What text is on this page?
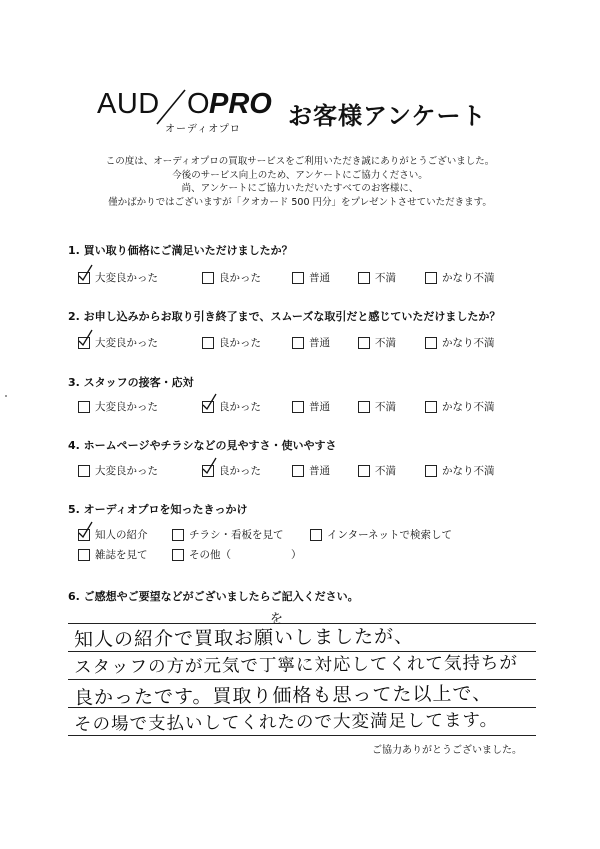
AUD O PRO
オーディオプロ お客様アンケート
この度は、オーディオプロの買取サービスをご利用いただき誠にありがとうございました。
今後のサービス向上のため、アンケートにご協力ください。
尚、アンケートにご協力いただいたすべてのお客様に、
僅かばかりではございますが「クオカード 500 円分」をプレゼントさせていただきます。
1. 買い取り価格にご満足いただけましたか？
大変良かった	良かった	普通	不満	かなり不満
2. お申し込みからお取り引き終了まで、スムーズな取引だと感じていただけましたか？
大変良かった	良かった	普通	不満	かなり不満
3. スタッフの接客・応対
大変良かった	良かった	普通	不満	かなり不満
4. ホームページやチラシなどの見やすさ・使いやすさ
大変良かった	良かった	普通	不満	かなり不満
5. オーディオプロを知ったきっかけ
知人の紹介	チラシ・看板を見て	インターネットで検索して
雑誌を見て	その他（	）
6. ご感想やご要望などがございましたらご記入ください。
を
知人の紹介で買取お願いしましたが、
スタッフの方が元気で丁寧に対応してくれて気持ちが
良かったです。買取り価格も思ってた以上で、
その場で支払いしてくれたので大変満足してます。
ご協力ありがとうございました。
